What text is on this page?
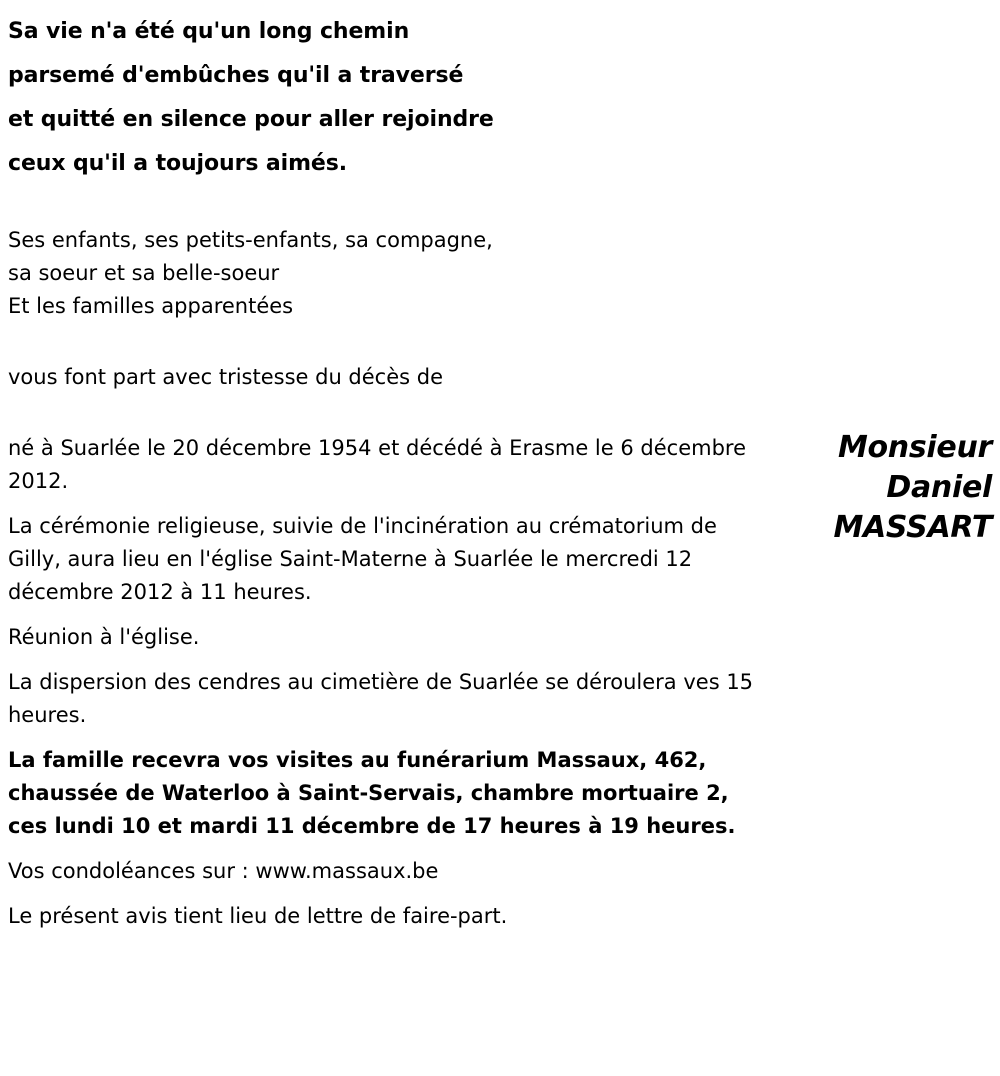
Sa vie n'a été qu'un long chemin
parsemé d'embûches qu'il a traversé
et quitté en silence pour aller rejoindre
ceux qu'il a toujours aimés.
Ses enfants, ses petits-enfants, sa compagne,
sa soeur et sa belle-soeur
Et les familles apparentées
vous font part avec tristesse du décès de
Monsieur
Daniel
MASSART

né à Suarlée le 20 décembre 1954 et décédé à Erasme le 6 décembre 2012.

La cérémonie religieuse, suivie de l'incinération au crématorium de Gilly, aura lieu en l'église Saint-Materne à Suarlée le mercredi 12 décembre 2012 à 11 heures.

Réunion à l'église.

La dispersion des cendres au cimetière de Suarlée se déroulera ves 15 heures.

La famille recevra vos visites au funérarium Massaux, 462, chaussée de Waterloo à Saint-Servais, chambre mortuaire 2, ces lundi 10 et mardi 11 décembre de 17 heures à 19 heures.

Vos condoléances sur : www.massaux.be

Le présent avis tient lieu de lettre de faire-part.
